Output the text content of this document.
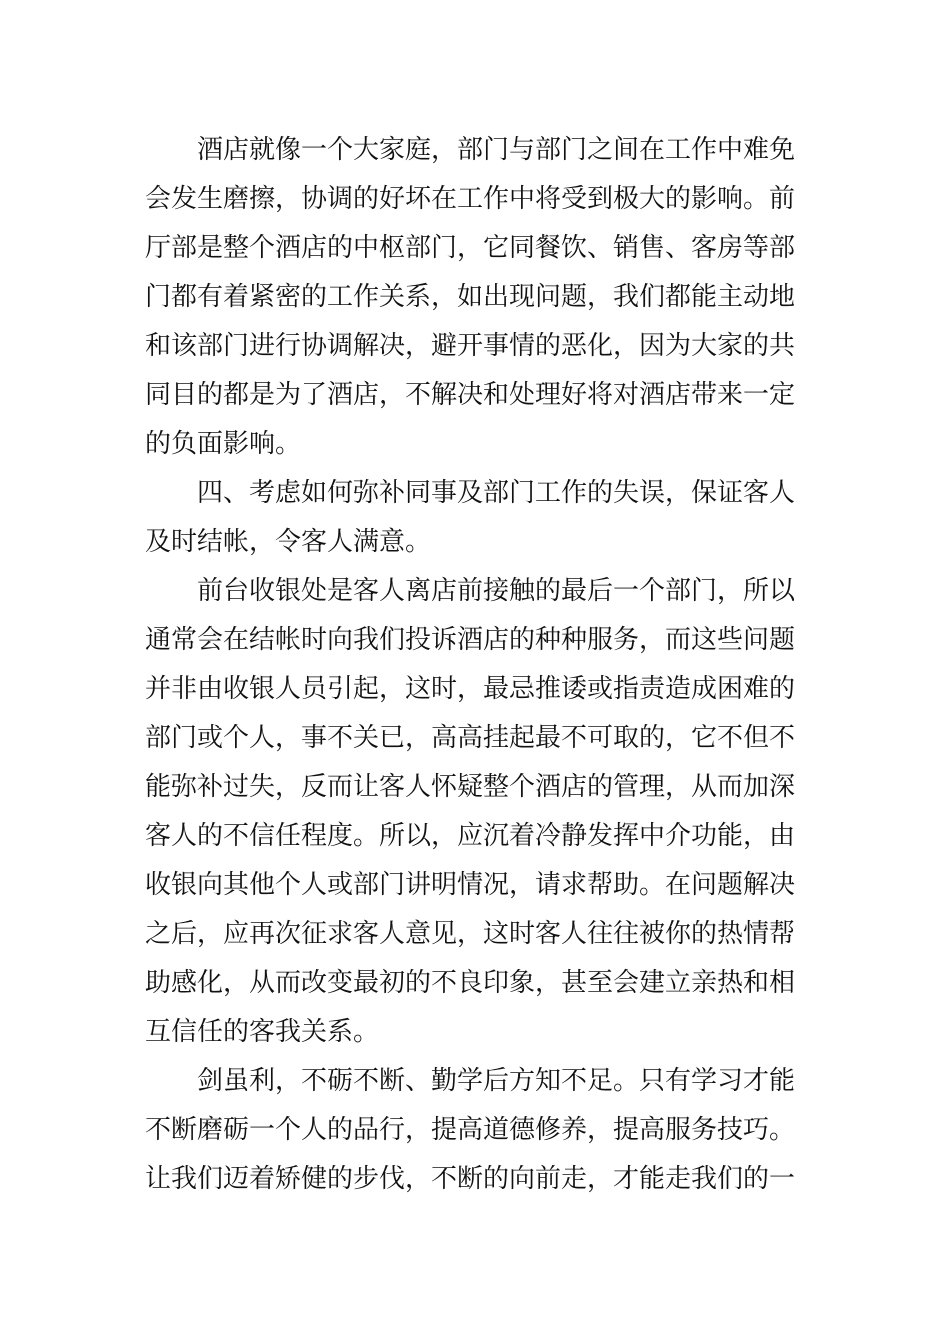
酒店就像一个大家庭，部门与部门之间在工作中难免
会发生磨擦，协调的好坏在工作中将受到极大的影响。前
厅部是整个酒店的中枢部门，它同餐饮、销售、客房等部
门都有着紧密的工作关系，如出现问题，我们都能主动地
和该部门进行协调解决，避开事情的恶化，因为大家的共
同目的都是为了酒店，不解决和处理好将对酒店带来一定
的负面影响。
四、考虑如何弥补同事及部门工作的失误，保证客人
及时结帐，令客人满意。
前台收银处是客人离店前接触的最后一个部门，所以
通常会在结帐时向我们投诉酒店的种种服务，而这些问题
并非由收银人员引起，这时，最忌推诿或指责造成困难的
部门或个人，事不关已，高高挂起最不可取的，它不但不
能弥补过失，反而让客人怀疑整个酒店的管理，从而加深
客人的不信任程度。所以，应沉着冷静发挥中介功能，由
收银向其他个人或部门讲明情况，请求帮助。在问题解决
之后，应再次征求客人意见，这时客人往往被你的热情帮
助感化，从而改变最初的不良印象，甚至会建立亲热和相
互信任的客我关系。
剑虽利，不砺不断、勤学后方知不足。只有学习才能
不断磨砺一个人的品行，提高道德修养，提高服务技巧。
让我们迈着矫健的步伐，不断的向前走，才能走我们的一
